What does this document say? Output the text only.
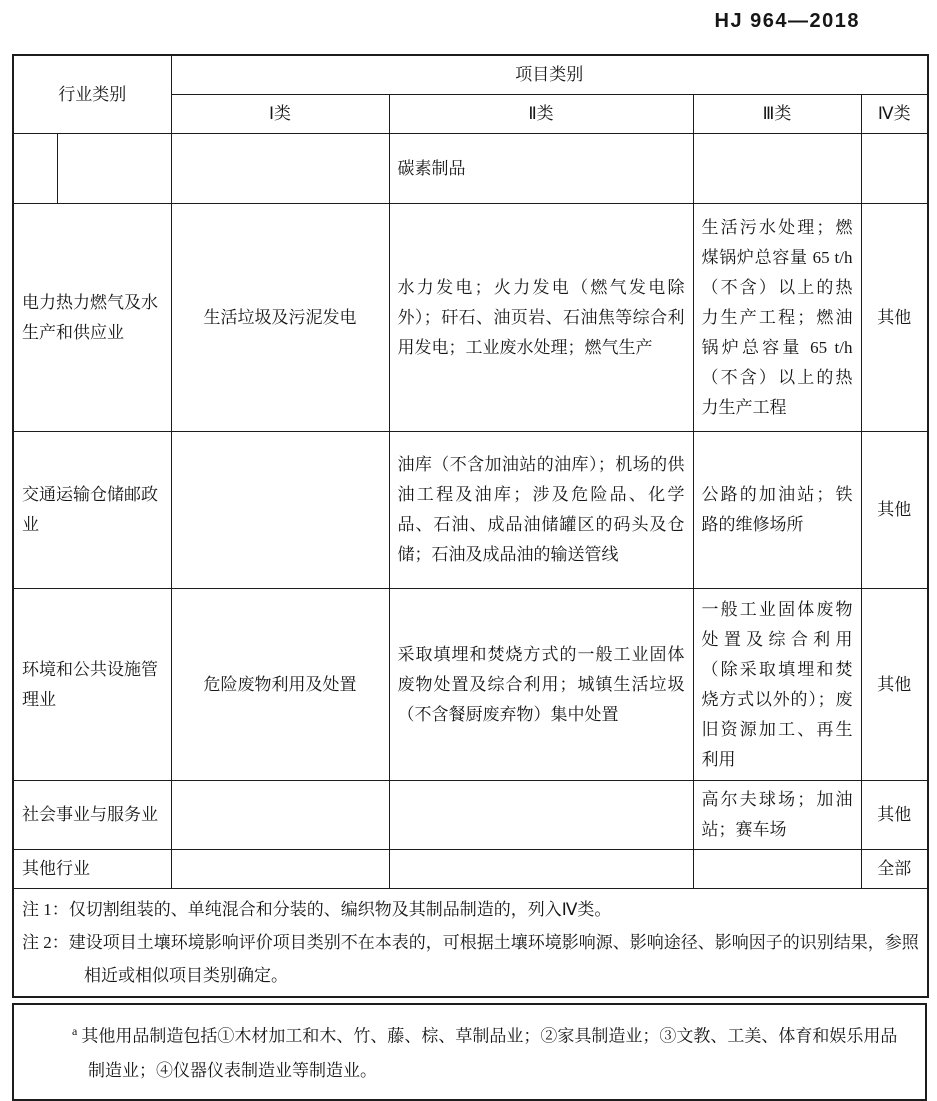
HJ 964—2018
行业类别		项目类别			
		Ⅰ类	Ⅱ类	Ⅲ类	Ⅳ类
			碳素制品		
电力热力燃气及水生产和供应业		生活垃圾及污泥发电	水力发电；火力发电（燃气发电除外）；矸石、油页岩、石油焦等综合利用发电；工业废水处理；燃气生产	生活污水处理；燃煤锅炉总容量 65 t/h（不含）以上的热力生产工程；燃油锅炉总容量 65 t/h（不含）以上的热力生产工程	其他
交通运输仓储邮政业			油库（不含加油站的油库）；机场的供油工程及油库；涉及危险品、化学品、石油、成品油储罐区的码头及仓储；石油及成品油的输送管线	公路的加油站；铁路的维修场所	其他
环境和公共设施管理业		危险废物利用及处置	采取填埋和焚烧方式的一般工业固体废物处置及综合利用；城镇生活垃圾（不含餐厨废弃物）集中处置	一般工业固体废物处置及综合利用（除采取填埋和焚烧方式以外的）；废旧资源加工、再生利用	其他
社会事业与服务业				高尔夫球场；加油站；赛车场	其他
其他行业					全部

注 1：仅切割组装的、单纯混合和分装的、编织物及其制品制造的，列入Ⅳ类。

注 2：建设项目土壤环境影响评价项目类别不在本表的，可根据土壤环境影响源、影响途径、影响因子的识别结果，参照相近或相似项目类别确定。					

$^a$ 其他用品制造包括①木材加工和木、竹、藤、棕、草制品业；②家具制造业；③文教、工美、体育和娱乐用品制造业；④仪器仪表制造业等制造业。
